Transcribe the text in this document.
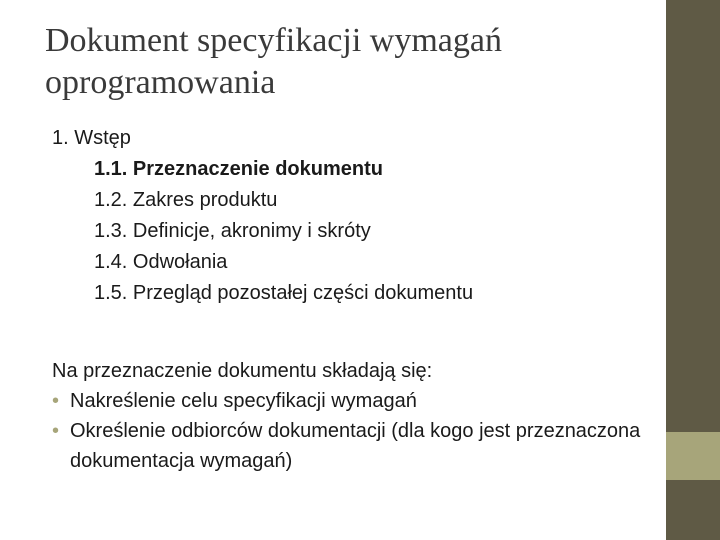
Dokument specyfikacji wymagań oprogramowania
1. Wstęp
1.1. Przeznaczenie dokumentu
1.2. Zakres produktu
1.3. Definicje, akronimy i skróty
1.4. Odwołania
1.5. Przegląd pozostałej części dokumentu
Na przeznaczenie dokumentu składają się:
• Nakreślenie celu specyfikacji wymagań
• Określenie odbiorców dokumentacji (dla kogo jest przeznaczona dokumentacja wymagań)
